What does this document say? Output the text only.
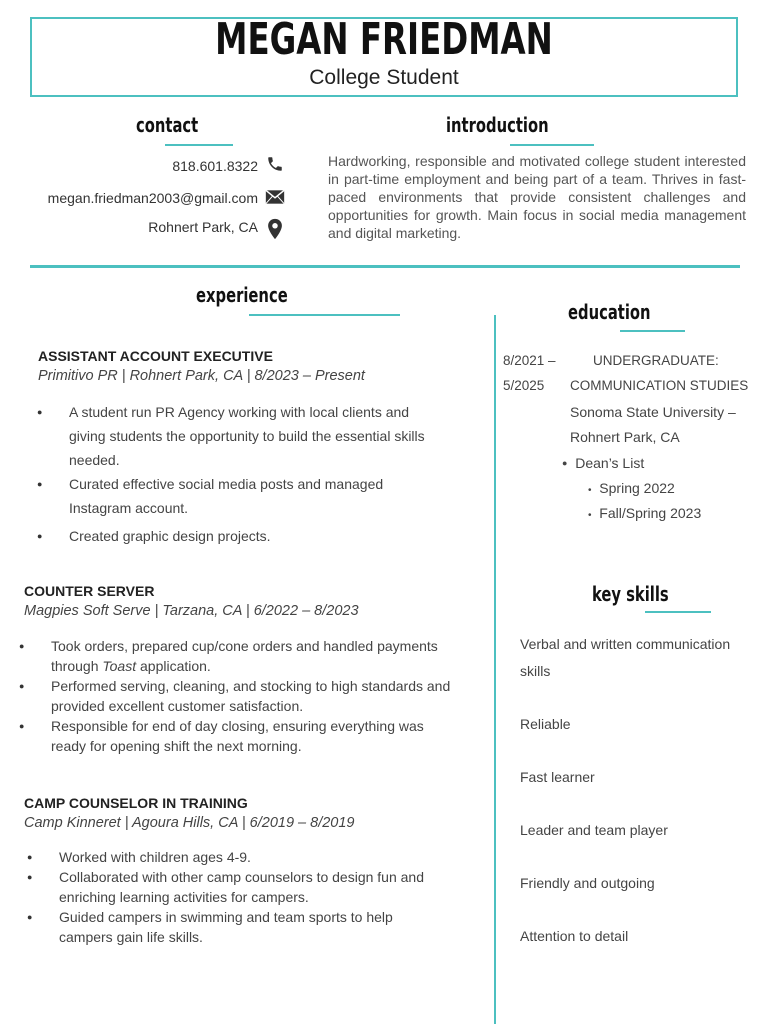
MEGAN FRIEDMAN
College Student
contact
818.601.8322
megan.friedman2003@gmail.com
Rohnert Park, CA
introduction
Hardworking, responsible and motivated college student interested in part-time employment and being part of a team. Thrives in fast-paced environments that provide consistent challenges and opportunities for growth. Main focus in social media management and digital marketing.
experience
ASSISTANT ACCOUNT EXECUTIVE
Primitivo PR | Rohnert Park, CA | 8/2023 – Present
● A student run PR Agency working with local clients and giving students the opportunity to build the essential skills needed.
● Curated effective social media posts and managed Instagram account.
● Created graphic design projects.
COUNTER SERVER
Magpies Soft Serve | Tarzana, CA | 6/2022 – 8/2023
● Took orders, prepared cup/cone orders and handled payments through Toast application.
● Performed serving, cleaning, and stocking to high standards and provided excellent customer satisfaction.
● Responsible for end of day closing, ensuring everything was ready for opening shift the next morning.
CAMP COUNSELOR IN TRAINING
Camp Kinneret | Agoura Hills, CA | 6/2019 – 8/2019
● Worked with children ages 4-9.
● Collaborated with other camp counselors to design fun and enriching learning activities for campers.
● Guided campers in swimming and team sports to help campers gain life skills.
education
8/2021 –
5/2025
UNDERGRADUATE:
COMMUNICATION STUDIES
Sonoma State University –
Rohnert Park, CA
● Dean’s List
• Spring 2022
• Fall/Spring 2023
key skills
Verbal and written communication
skills
Reliable
Fast learner
Leader and team player
Friendly and outgoing
Attention to detail
